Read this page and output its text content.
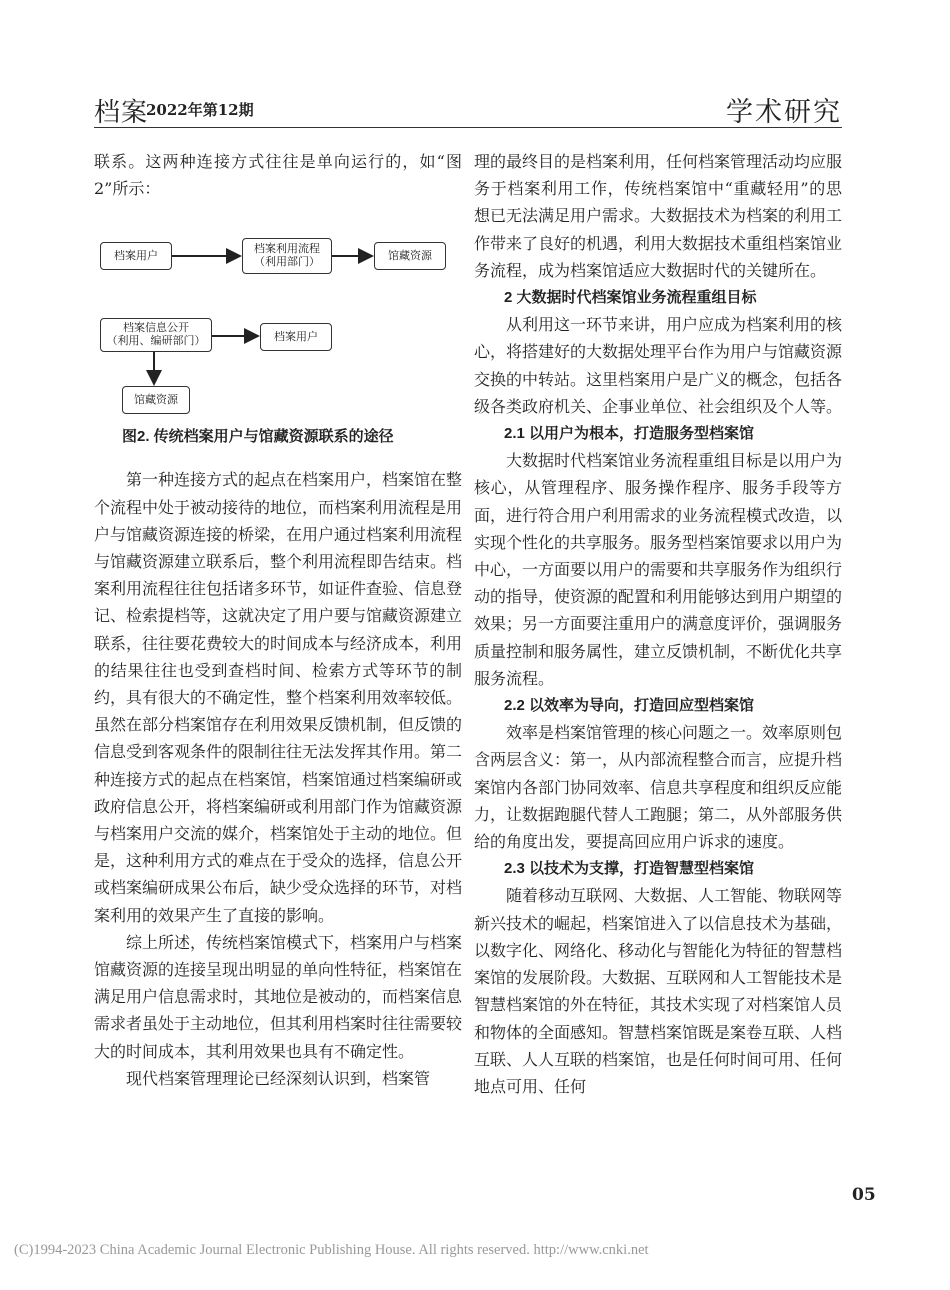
档案
2022年第12期	学术研究

联系。这两种连接方式往往是单向运行的，如“图2”所示：

档案用户
档案利用流程
（利用部门）
馆藏资源
档案信息公开
（利用、编研部门）	档案用户
馆藏资源
图2. 传统档案用户与馆藏资源联系的途径

第一种连接方式的起点在档案用户，档案馆在整个流程中处于被动接待的地位，而档案利用流程是用户与馆藏资源连接的桥梁，在用户通过档案利用流程与馆藏资源建立联系后，整个利用流程即告结束。档案利用流程往往包括诸多环节，如证件查验、信息登记、检索提档等，这就决定了用户要与馆藏资源建立联系，往往要花费较大的时间成本与经济成本，利用的结果往往也受到查档时间、检索方式等环节的制约，具有很大的不确定性，整个档案利用效率较低。虽然在部分档案馆存在利用效果反馈机制，但反馈的信息受到客观条件的限制往往无法发挥其作用。第二种连接方式的起点在档案馆，档案馆通过档案编研或政府信息公开，将档案编研或利用部门作为馆藏资源与档案用户交流的媒介，档案馆处于主动的地位。但是，这种利用方式的难点在于受众的选择，信息公开或档案编研成果公布后，缺少受众选择的环节，对档案利用的效果产生了直接的影响。

综上所述，传统档案馆模式下，档案用户与档案馆藏资源的连接呈现出明显的单向性特征，档案馆在满足用户信息需求时，其地位是被动的，而档案信息需求者虽处于主动地位，但其利用档案时往往需要较大的时间成本，其利用效果也具有不确定性。

现代档案管理理论已经深刻认识到，档案管

理的最终目的是档案利用，任何档案管理活动均应服务于档案利用工作，传统档案馆中“重藏轻用”的思想已无法满足用户需求。大数据技术为档案的利用工作带来了良好的机遇，利用大数据技术重组档案馆业务流程，成为档案馆适应大数据时代的关键所在。

2 大数据时代档案馆业务流程重组目标

从利用这一环节来讲，用户应成为档案利用的核心，将搭建好的大数据处理平台作为用户与馆藏资源交换的中转站。这里档案用户是广义的概念，包括各级各类政府机关、企事业单位、社会组织及个人等。

2.1 以用户为根本，打造服务型档案馆

大数据时代档案馆业务流程重组目标是以用户为核心，从管理程序、服务操作程序、服务手段等方面，进行符合用户利用需求的业务流程模式改造，以实现个性化的共享服务。服务型档案馆要求以用户为中心，一方面要以用户的需要和共享服务作为组织行动的指导，使资源的配置和利用能够达到用户期望的效果；另一方面要注重用户的满意度评价，强调服务质量控制和服务属性，建立反馈机制，不断优化共享服务流程。

2.2 以效率为导向，打造回应型档案馆

效率是档案馆管理的核心问题之一。效率原则包含两层含义：第一，从内部流程整合而言，应提升档案馆内各部门协同效率、信息共享程度和组织反应能力，让数据跑腿代替人工跑腿；第二，从外部服务供给的角度出发，要提高回应用户诉求的速度。

2.3 以技术为支撑，打造智慧型档案馆

随着移动互联网、大数据、人工智能、物联网等新兴技术的崛起，档案馆进入了以信息技术为基础，以数字化、网络化、移动化与智能化为特征的智慧档案馆的发展阶段。大数据、互联网和人工智能技术是智慧档案馆的外在特征，其技术实现了对档案馆人员和物体的全面感知。智慧档案馆既是案卷互联、人档互联、人人互联的档案馆，也是任何时间可用、任何地点可用、任何

05
(C)1994-2023 China Academic Journal Electronic Publishing House. All rights reserved. http://www.cnki.net
